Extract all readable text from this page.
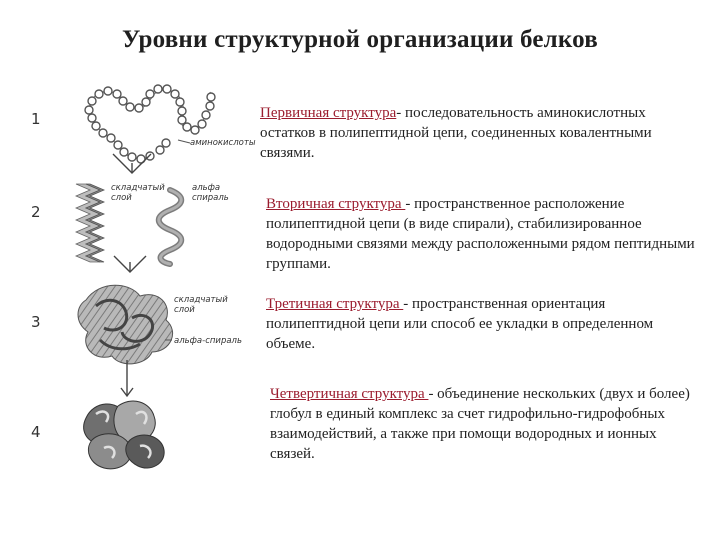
Уровни структурной организации белков
1
2
3
4
аминокислоты
складчатый
слой
альфа
спираль
складчатый
слой
альфа-спираль
Первичная структура- последовательность аминокислотных остатков в полипептидной цепи, соединенных ковалентными связями.
Вторичная структура - пространственное расположение полипептидной цепи (в виде спирали), стабилизированное водородными связями между расположенными рядом пептидными группами.
Третичная структура - пространственная ориентация полипептидной цепи или способ ее укладки в определенном объеме.
Четвертичная структура - объединение нескольких (двух и более) глобул в единый комплекс за счет гидрофильно-гидрофобных взаимодействий, а также при помощи водородных и ионных связей.
